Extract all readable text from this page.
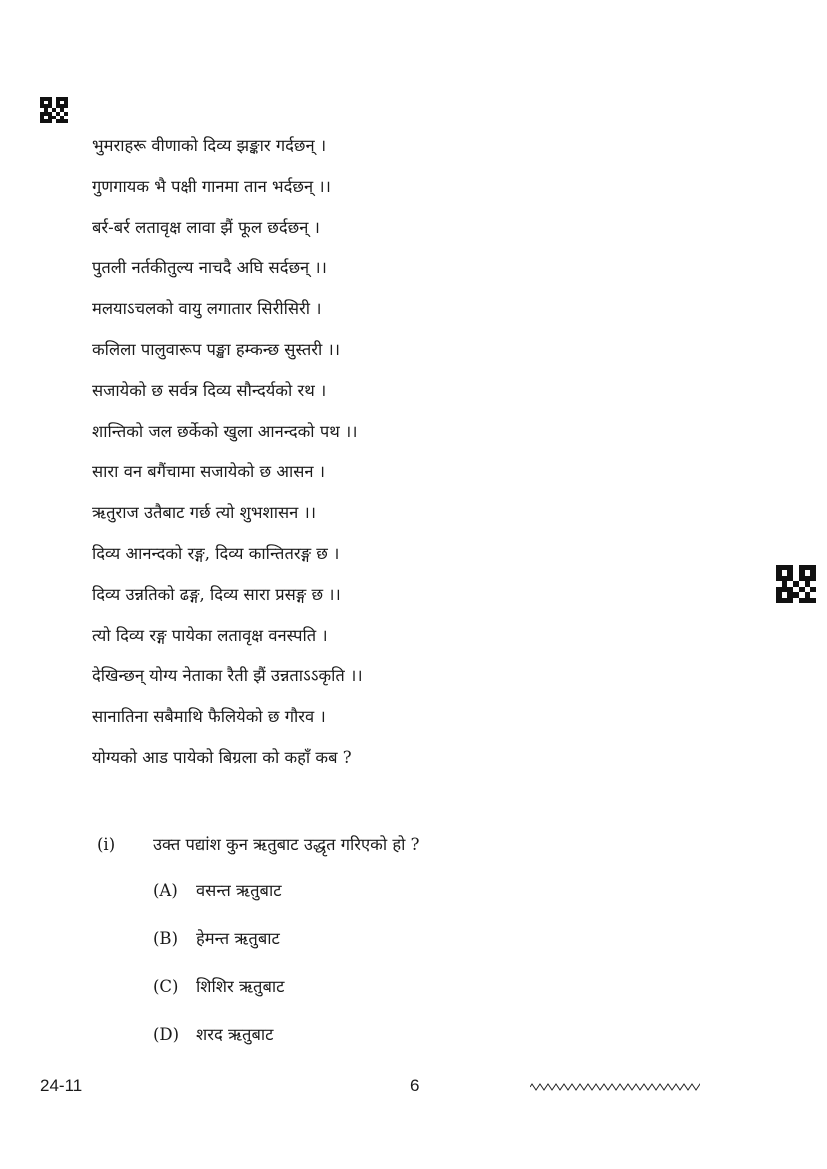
भुमराहरू वीणाको दिव्य झङ्कार गर्दछन् ।
गुणगायक भै पक्षी गानमा तान भर्दछन् ।।
बर्र-बर्र लतावृक्ष लावा झैं फूल छर्दछन् ।
पुतली नर्तकीतुल्य नाचदै अघि सर्दछन् ।।
मलयाऽचलको वायु लगातार सिरीसिरी ।
कलिला पालुवारूप पङ्खा हम्कन्छ सुस्तरी ।।
सजायेको छ सर्वत्र दिव्य सौन्दर्यको रथ ।
शान्तिको जल छर्केको खुला आनन्दको पथ ।।
सारा वन बगैंचामा सजायेको छ आसन ।
ऋतुराज उतैबाट गर्छ त्यो शुभशासन ।।
दिव्य आनन्दको रङ्ग, दिव्य कान्तितरङ्ग छ ।
दिव्य उन्नतिको ढङ्ग, दिव्य सारा प्रसङ्ग छ ।।
त्यो दिव्य रङ्ग पायेका लतावृक्ष वनस्पति ।
देखिन्छन् योग्य नेताका रैती झैं उन्नताऽऽकृति ।।
सानातिना सबैमाथि फैलियेको छ गौरव ।
योग्यको आड पायेको बिग्रला को कहाँ कब ?
(i)	उक्त पद्यांश कुन ऋतुबाट उद्धृत गरिएको हो ?
(A)	वसन्त ऋतुबाट
(B)	हेमन्त ऋतुबाट
(C)	शिशिर ऋतुबाट
(D)	शरद ऋतुबाट
24-11	6
